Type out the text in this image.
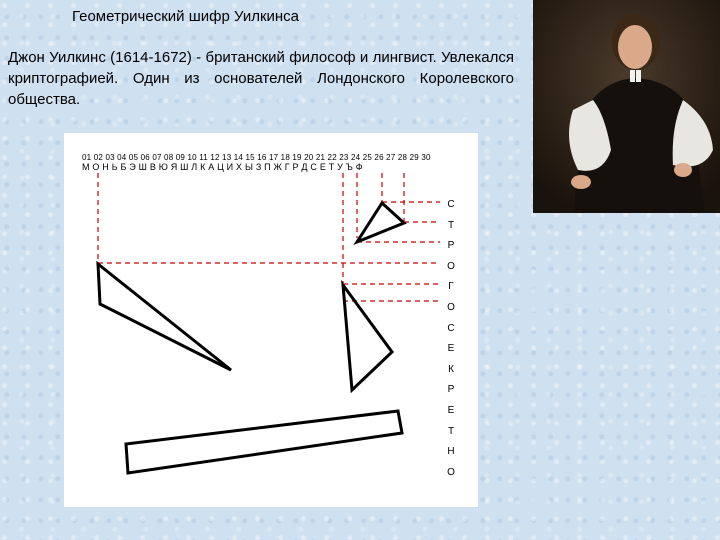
Геометрический шифр Уилкинса
Джон Уилкинс (1614-1672) - британский философ и лингвист. Увлекался криптографией. Один из основателей Лондонского Королевского общества.
01 02 03 04 05 06 07 08 09 10 11 12 13 14 15 16 17 18 19 20 21 22 23 24 25 26 27 28 29 30
М О Н Ь Б Э Ш В Ю Я Ш Л К А Ц И Х Ы З П Ж Г Р Д С Е Т У Ъ Ф
С
Т
Р
О
Г
О
С
Е
К
Р
Е
Т
Н
О
